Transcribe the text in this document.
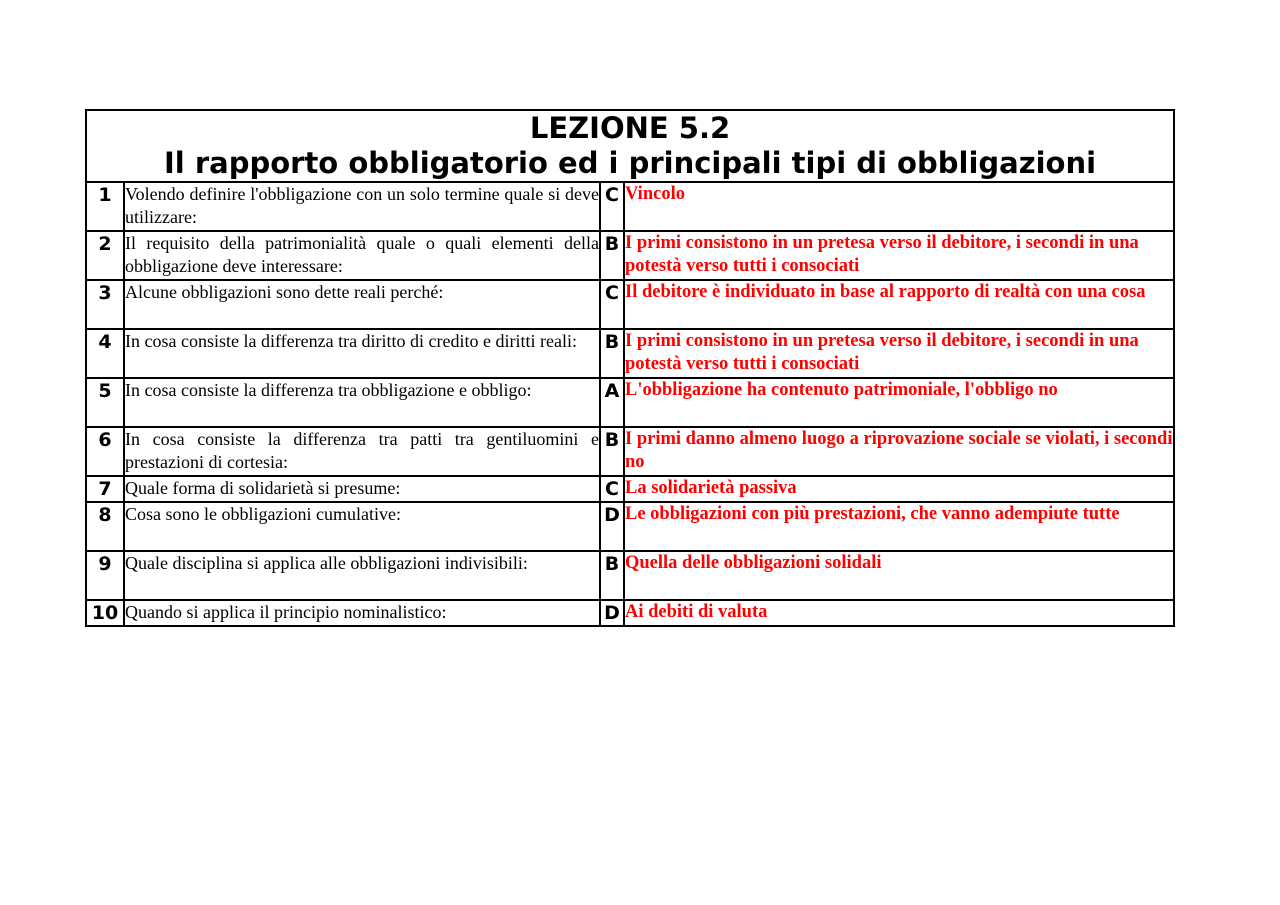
LEZIONE 5.2
Il rapporto obbligatorio ed i principali tipi di obbligazioni			

1	Volendo definire l'obbligazione con un solo termine quale si deve utilizzare:	C	Vincolo
2	Il requisito della patrimonialità quale o quali elementi della obbligazione deve interessare:	B	I primi consistono in un pretesa verso il debitore, i secondi in una potestà verso tutti i consociati
3	Alcune obbligazioni sono dette reali perché:	C	Il debitore è individuato in base al rapporto di realtà con una cosa
4	In cosa consiste la differenza tra diritto di credito e diritti reali:	B	I primi consistono in un pretesa verso il debitore, i secondi in una potestà verso tutti i consociati
5	In cosa consiste la differenza tra obbligazione e obbligo:	A	L'obbligazione ha contenuto patrimoniale, l'obbligo no
6	In cosa consiste la differenza tra patti tra gentiluomini e prestazioni di cortesia:	B	I primi danno almeno luogo a riprovazione sociale se violati, i secondi no
7	Quale forma di solidarietà si presume:	C	La solidarietà passiva
8	Cosa sono le obbligazioni cumulative:	D	Le obbligazioni con più prestazioni, che vanno adempiute tutte
9	Quale disciplina si applica alle obbligazioni indivisibili:	B	Quella delle obbligazioni solidali
10	Quando si applica il principio nominalistico:	D	Ai debiti di valuta
